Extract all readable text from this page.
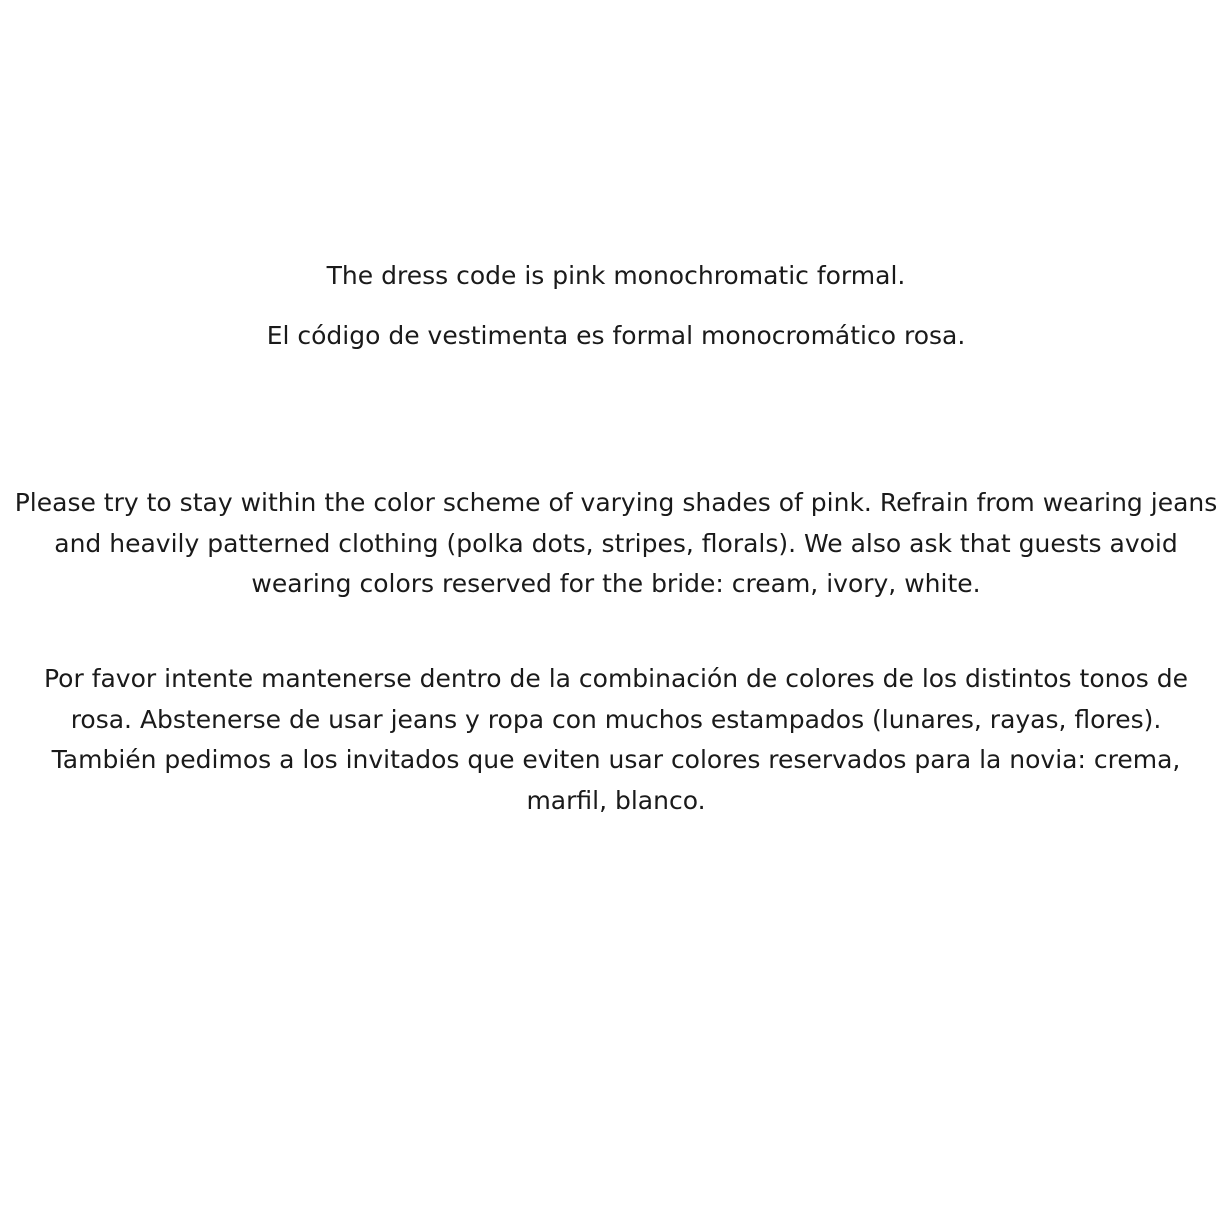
The dress code is pink monochromatic formal.
El código de vestimenta es formal monocromático rosa.
Please try to stay within the color scheme of varying shades of pink. Refrain from wearing jeans and heavily patterned clothing (polka dots, stripes, florals). We also ask that guests avoid wearing colors reserved for the bride: cream, ivory, white.
Por favor intente mantenerse dentro de la combinación de colores de los distintos tonos de rosa. Abstenerse de usar jeans y ropa con muchos estampados (lunares, rayas, flores). También pedimos a los invitados que eviten usar colores reservados para la novia: crema, marfil, blanco.
